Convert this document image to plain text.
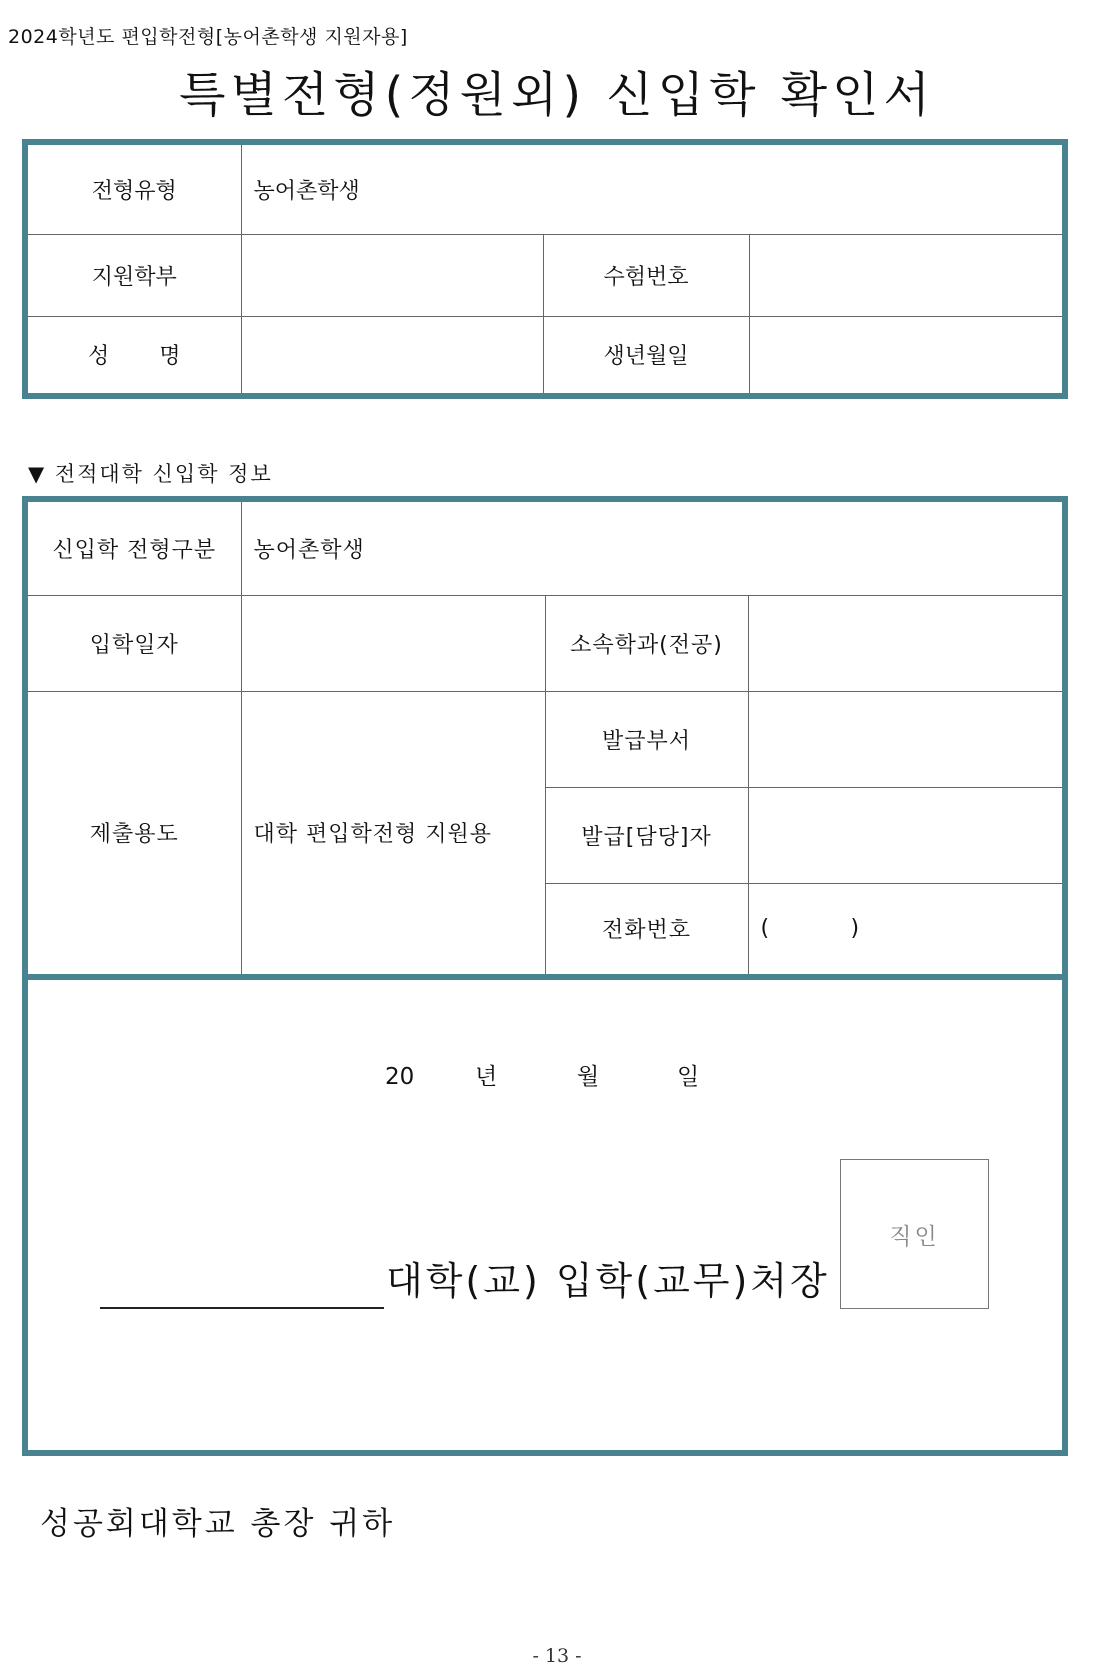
2024학년도 편입학전형[농어촌학생 지원자용]
특별전형(정원외) 신입학 확인서
전형유형	농어촌학생		
지원학부		수험번호	
성명		생년월일	
▼ 전적대학 신입학 정보
신입학 전형구분	농어촌학생		
입학일자		소속학과(전공)	
제출용도	대학 편입학전형 지원용	발급부서	
		발급[담당]자	
		전화번호	( )
20	년	월	일
대학(교) 입학(교무)처장
직인
성공회대학교 총장 귀하
- 13 -
